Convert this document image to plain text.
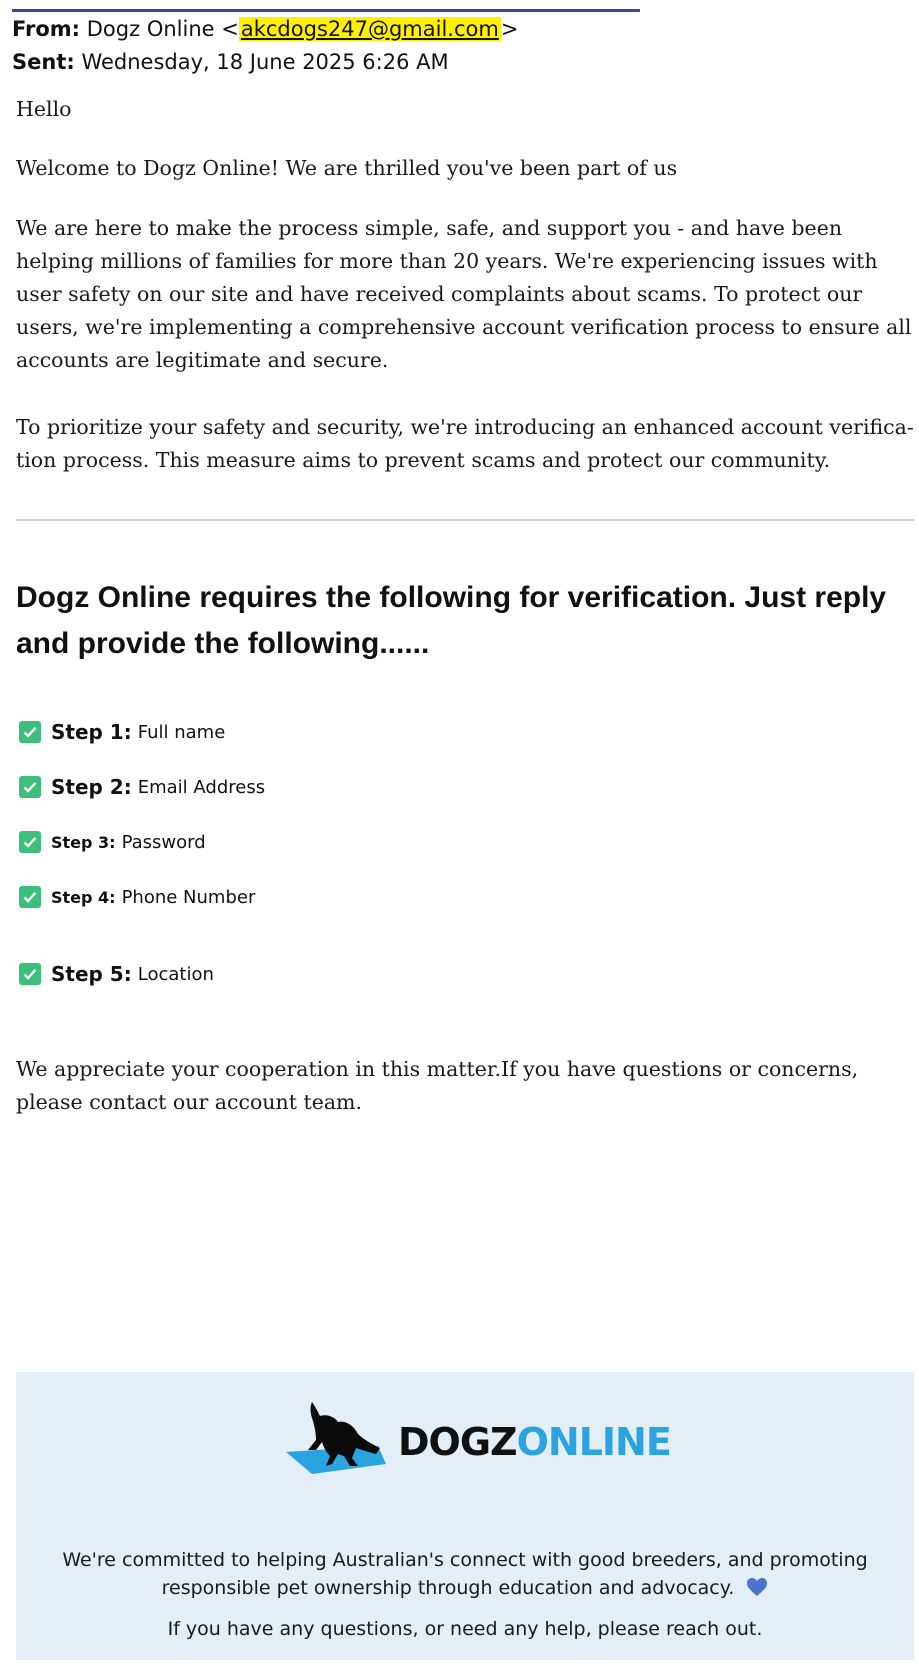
From: Dogz Online <akcdogs247@gmail.com>
Sent: Wednesday, 18 June 2025 6:26 AM

Hello

Welcome to Dogz Online! We are thrilled you've been part of us

We are here to make the process simple, safe, and support you - and have been helping millions of families for more than 20 years. We're experiencing issues with user safety on our site and have received complaints about scams. To protect our users, we're implementing a comprehensive account verification process to ensure all accounts are legitimate and secure.

To prioritize your safety and security, we're introducing an enhanced account verifica-tion process. This measure aims to prevent scams and protect our community.

Dogz Online requires the following for verification. Just reply and provide the following......
Step 1: Full name
Step 2: Email Address
Step 3: Password
Step 4: Phone Number
Step 5: Location

We appreciate your cooperation in this matter.If you have questions or concerns, please contact our account team.

DOGZONLINE

We're committed to helping Australian's connect with good breeders, and promoting responsible pet ownership through education and advocacy.

If you have any questions, or need any help, please reach out.
